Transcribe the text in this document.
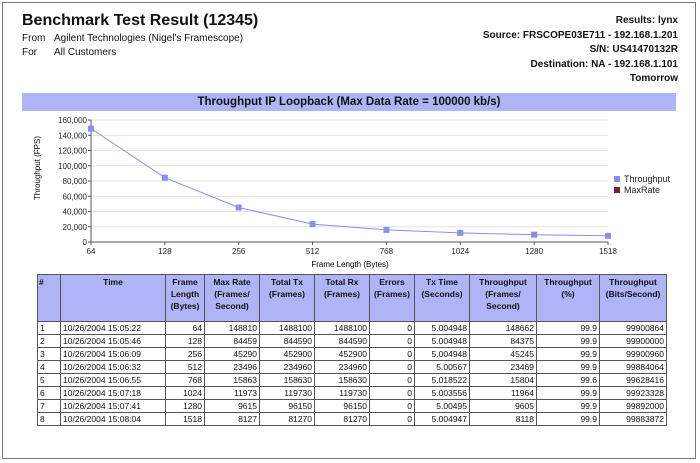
Benchmark Test Result (12345)
From Agilent Technologies (Nigel's Framescope)
For All Customers
Results: lynx
Source: FRSCOPE03E711 - 192.168.1.201
S/N: US41470132R
Destination: NA - 192.168.1.101
Tomorrow
Throughput IP Loopback (Max Data Rate = 100000 kb/s)
0
20,000
40,000
60,000
80,000
100,000
120,000
140,000
160,000
64	128	256	512	768	1024	1280	1518
Throughput (FPS)
Frame Length (Bytes)
Throughput
MaxRate
#	Time	Frame Length (Bytes)	Max Rate (Frames/ Second)	Total Tx (Frames)	Total Rx (Frames)	Errors (Frames)	Tx Time (Seconds)	Throughput (Frames/ Second)	Throughput (%)	Throughput (Bits/Second)
1	10/26/2004 15:05:22	64	148810	1488100	1488100	0	5.004948	148662	99.9	99900864
2	10/26/2004 15:05:46	128	84459	844590	844590	0	5.004948	84375	99.9	99900000
3	10/26/2004 15:06:09	256	45290	452900	452900	0	5.004948	45245	99.9	99900960
4	10/26/2004 15:06:32	512	23496	234960	234960	0	5.00567	23469	99.9	99884064
5	10/26/2004 15:06:55	768	15863	158630	158630	0	5.018522	15804	99.6	99628416
6	10/26/2004 15:07:18	1024	11973	119730	119730	0	5.003556	11964	99.9	99923328
7	10/26/2004 15:07:41	1280	9615	96150	96150	0	5.00495	9605	99.9	99892000
8	10/26/2004 15:08:04	1518	8127	81270	81270	0	5.004947	8118	99.9	99883872
